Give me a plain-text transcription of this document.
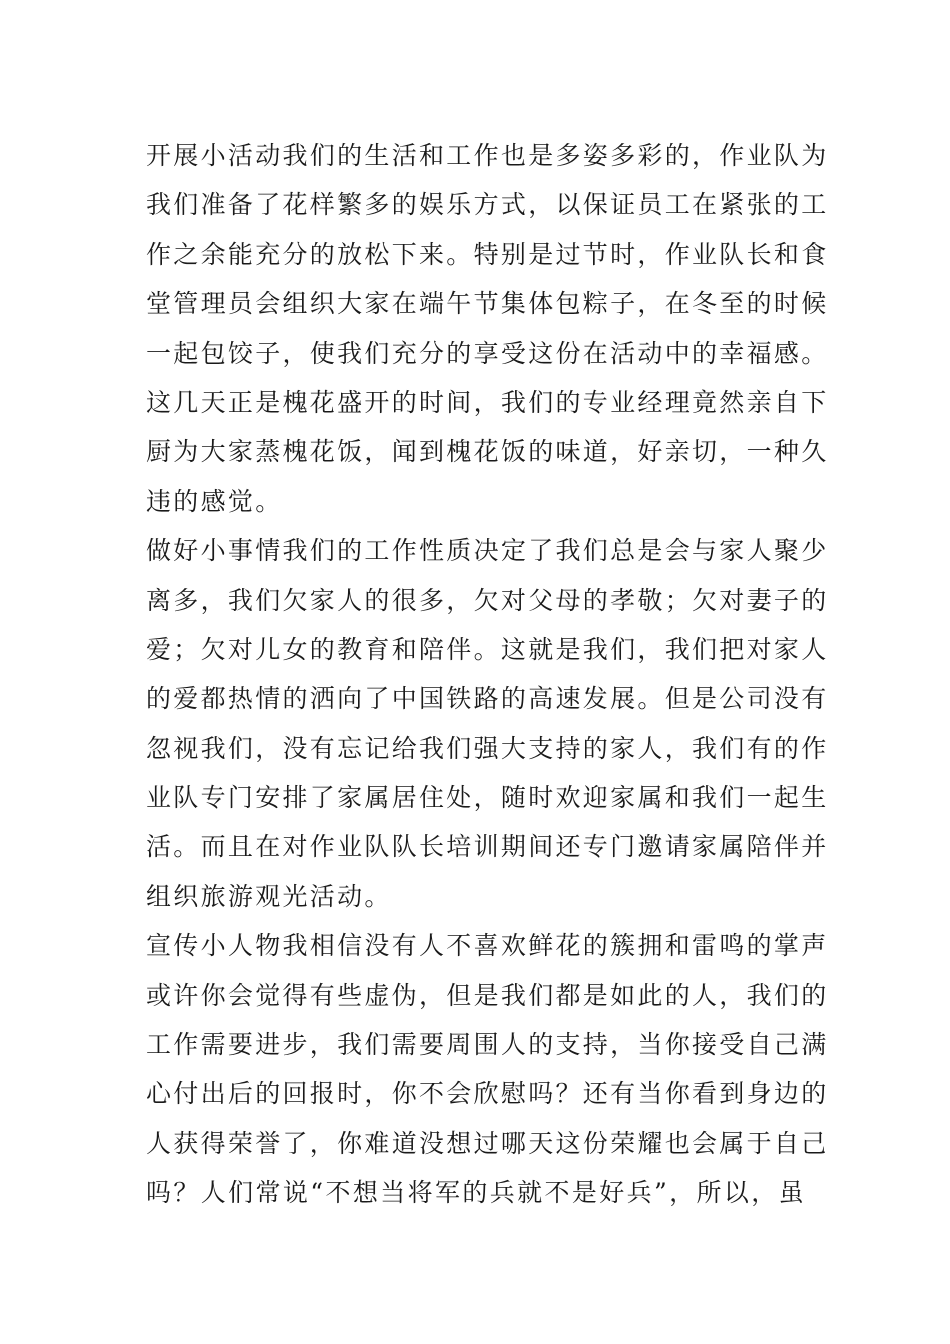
开展小活动我们的生活和工作也是多姿多彩的，作业队为
我们准备了花样繁多的娱乐方式，以保证员工在紧张的工
作之余能充分的放松下来。特别是过节时，作业队长和食
堂管理员会组织大家在端午节集体包粽子，在冬至的时候
一起包饺子，使我们充分的享受这份在活动中的幸福感。
这几天正是槐花盛开的时间，我们的专业经理竟然亲自下
厨为大家蒸槐花饭，闻到槐花饭的味道，好亲切，一种久
违的感觉。
做好小事情我们的工作性质决定了我们总是会与家人聚少
离多，我们欠家人的很多，欠对父母的孝敬；欠对妻子的
爱；欠对儿女的教育和陪伴。这就是我们，我们把对家人
的爱都热情的洒向了中国铁路的高速发展。但是公司没有
忽视我们，没有忘记给我们强大支持的家人，我们有的作
业队专门安排了家属居住处，随时欢迎家属和我们一起生
活。而且在对作业队队长培训期间还专门邀请家属陪伴并
组织旅游观光活动。
宣传小人物我相信没有人不喜欢鲜花的簇拥和雷鸣的掌声
或许你会觉得有些虚伪，但是我们都是如此的人，我们的
工作需要进步，我们需要周围人的支持，当你接受自己满
心付出后的回报时，你不会欣慰吗？还有当你看到身边的
人获得荣誉了，你难道没想过哪天这份荣耀也会属于自己
吗？人们常说“不想当将军的兵就不是好兵”，所以，虽
